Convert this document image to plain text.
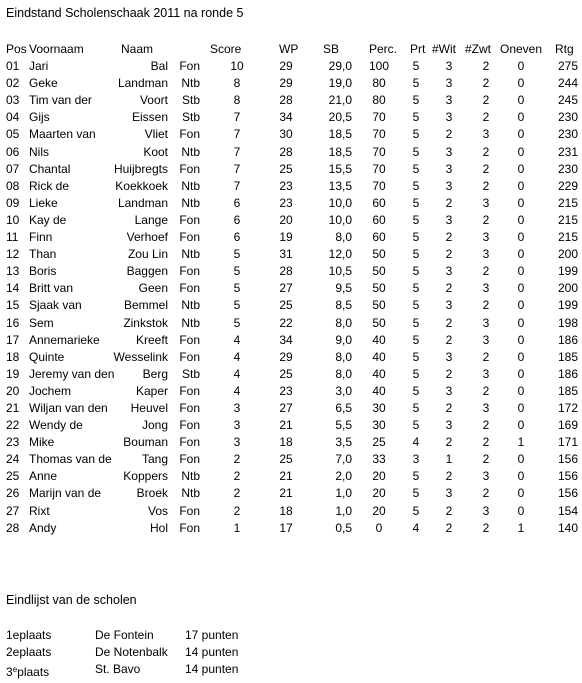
Eindstand Scholenschaak 2011 na ronde 5
Pos Voornaam	Naam	Score	WP SB Perc. Prt #Wit #Zwt Oneven Rtg
01 Jari	Bal Fon	10	29	29,0	100	5	3	2	0	275
02 Geke	Landman	Ntb	8	29	19,0	80	5	3	2	0	244
03 Tim van der	Voort	Stb	8	28	21,0	80	5	3	2	0	245
04 Gijs	Eissen	Stb	7	34	20,5	70	5	3	2	0	230
05 Maarten van	Vliet Fon	7	30	18,5	70	5	2	3	0	230
06 Nils	Koot	Ntb	7	28	18,5	70	5	3	2	0	231
07 Chantal	Huijbregts Fon	7	25	15,5	70	5	3	2	0	230
08 Rick de	Koekkoek	Ntb	7	23	13,5	70	5	3	2	0	229
09 Lieke	Landman	Ntb	6	23	10,0	60	5	2	3	0	215
10 Kay de	Lange Fon	6	20	10,0	60	5	3	2	0	215
11 Finn	Verhoef Fon	6	19	8,0	60	5	2	3	0	215
12 Than	Zou Lin	Ntb	5	31	12,0	50	5	2	3	0	200
13 Boris	Baggen Fon	5	28	10,5	50	5	3	2	0	199
14 Britt van	Geen Fon	5	27	9,5	50	5	2	3	0	200
15 Sjaak van	Bemmel	Ntb	5	25	8,5	50	5	3	2	0	199
16 Sem	Zinkstok	Ntb	5	22	8,0	50	5	2	3	0	198
17 Annemarieke	Kreeft Fon	4	34	9,0	40	5	2	3	0	186
18 Quinte	Wesselink Fon	4	29	8,0	40	5	3	2	0	185
19 Jeremy van den	Berg	Stb	4	25	8,0	40	5	2	3	0	186
20 Jochem	Kaper Fon	4	23	3,0	40	5	3	2	0	185
21 Wiljan van den	Heuvel Fon	3	27	6,5	30	5	2	3	0	172
22 Wendy de	Jong Fon	3	21	5,5	30	5	3	2	0	169
23 Mike	Bouman Fon	3	18	3,5	25	4	2	2	1	171
24 Thomas van de	Tang Fon	2	25	7,0	33	3	1	2	0	156
25 Anne	Koppers	Ntb	2	21	2,0	20	5	2	3	0	156
26 Marijn van de	Broek	Ntb	2	21	1,0	20	5	3	2	0	156
27 Rixt	Vos Fon	2	18	1,0	20	5	2	3	0	154
28 Andy	Hol Fon	1	17	0,5	0	4	2	2	1	140
Eindlijst van de scholen
1eplaats	De Fontein	17 punten
2eplaats	De Notenbalk 14 punten
3eplaats	St. Bavo	14 punten
